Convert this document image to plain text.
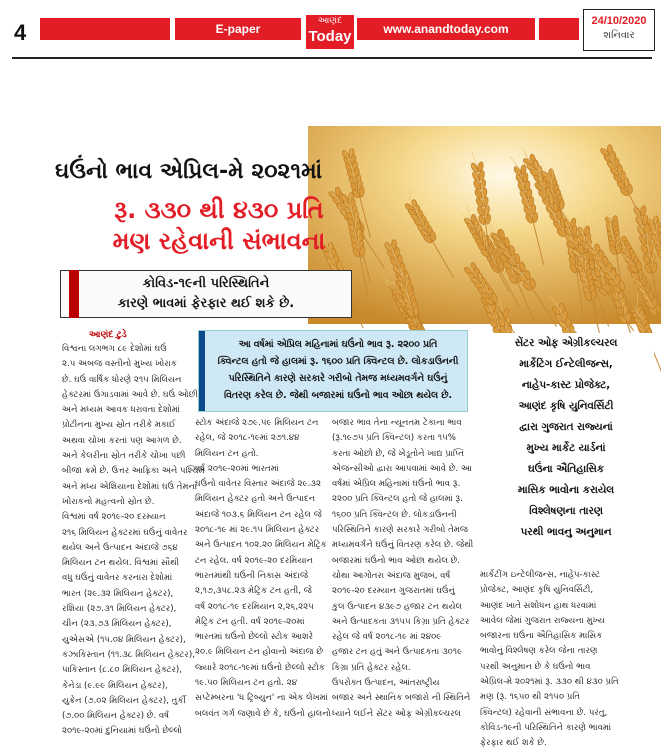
4	E-paper
આણંદ
Today	www.anandtoday.com
24/10/2020
શનિવાર
ઘઉંનો ભાવ એપ્રિલ-મે ૨૦૨૧માં
રૂ. ૩૩૦ થી ૪૩૦ પ્રતિ
મણ રહેવાની સંભાવના
કોવિડ-૧૯ની પરિસ્થિતિને
કારણે ભાવમાં ફેરફાર થઈ શકે છે.
આણંદ ટુડે
આ વર્ષમાં એપ્રિલ મહિનામાં ઘઉંનો ભાવ રૂ. ૨૨૦૦ પ્રતિ
ક્વિન્ટલ હતો જે હાલમાં રૂ. ૧૬૦૦ પ્રતિ ક્વિન્ટલ છે. લોકડાઉનની
પરિસ્થિતિને કારણે સરકારે ગરીબો તેમજ મધ્યમવર્ગને ઘઉંનું
વિતરણ કરેલ છે. જેથી બજારમાં ઘઉંનો ભાવ ઓછા થયેલ છે.
સેંટર ઓફ એગ્રીકલ્ચરલ
માર્કેટિંગ ઈન્ટેલીજન્સ,
નાહેપ-કાસ્ટ પ્રોજેક્ટ,
આણંદ કૃષિ યુનિવર્સિટી
દ્વારા ગુજરાત રાજ્યનાં
મુખ્ય માર્કેટ યાર્ડનાં
ઘઉંના ઐતિહાસિક
માસિક ભાવોના કરાયેલ
વિશ્લેષણના તારણ
પરથી ભાવનુ અનુમાન
વિશ્વના લગભગ ૮૯ દેશોમાં ઘઉં
૨.૫ અબજ વસ્તીનો મુખ્ય ખોરાક
છે. ઘઉં વાર્ષિક ધોરણે ૨૧૫ મિલિયન
હેક્ટરમાં ઉગાડવામાં આવે છે. ઘઉં ઓછી
અને મધ્યમ આવક ધરાવતા દેશોમાં
પ્રોટીનના મુખ્ય સ્રોત તરીકે મકાઈ
અથવા ચોખા કરતાં પણ આગળ છે.
અને કેલરીના સ્રોત તરીકે ચોખા પછી
બીજા ક્રમે છે. ઉત્તર આફ્રિકા અને પશ્ચિમ
અને મધ્ય એશિયાના દેશોમાં ઘઉં તેમના
ખોરાકનો મહત્વનો સ્રોત છે.
વિશ્વમાં વર્ષ ૨૦૧૯-૨૦ દરમ્યાન
૨૧૬ મિલિયન હેક્ટરમાં ઘઉંનું વાવેતર
થયેલ અને ઉત્પાદન અંદાજે ૭૬૪
મિલિયન ટન થયેલ. વિશ્વમાં સૌથી
વધુ ઘઉંનું વાવેતર કરનારા દેશોમાં
ભારત (૨૯.૩૨ મિલિયન હેક્ટર),
રશિયા (૨૭.૩૧ મિલિયન હેક્ટર),
ચીન (૨૩.૭૩ મિલિયન હેક્ટર),
યુએસએ (૧૫.૦૪ મિલિયન હેક્ટર),
કઝાકિસ્તાન (૧૧.૩૮ મિલિયન હેક્ટર),
પાકિસ્તાન (૮.૮૦ મિલિયન હેક્ટર),
કેનેડા (૯.૯૯ મિલિયન હેક્ટર),
યુક્રેન (૭.૦૨ મિલિયન હેક્ટર), તુર્કી
(૭.૦૦ મિલિયન હેક્ટર) છે. વર્ષ
૨૦૧૯-૨૦માં દુનિયામાં ઘઉંનો છેલ્લો
સ્ટોક અંદાજે ૨૭૯.૫૯ મિલિયન ટન
રહેલ, જે ૨૦૧૮-૧૯માં ૨૭૧.૪૪
મિલિયન ટન હતો.
વર્ષ ૨૦૧૯-૨૦માં ભારતમાં
ઘઉંનો વાવેતર વિસ્તાર અંદાજે ૨૯.૩૨
મિલિયન હેક્ટર હતો અને ઉત્પાદન
અંદાજે ૧૦૩.૬ મિલિયન ટન રહેલ જે
૨૦૧૮-૧૯ માં ૨૯.૧૫ મિલિયન હેક્ટર
અને ઉત્પાદન ૧૦૨.૨૦ મિલિયન મેટ્રિક
ટન રહેલ. વર્ષ ૨૦૧૯-૨૦ દરમિયાન
ભારતમાંથી ઘઉંની નિકાસ અંદાજે
૨,૧૭,૩૫૮.૨૩ મેટ્રિક ટન હતી, જે
વર્ષ ૨૦૧૮-૧૯ દરમિયાન ૨,૨૬,૨૨૫
મેટ્રિક ટન હતી. વર્ષ ૨૦૧૯-૨૦માં
ભારતમાં ઘઉંનો છેલ્લો સ્ટોક આશરે
૨૦.૯ મિલિયન ટન હોવાનો અંદાજ છે
જ્યારે ૨૦૧૮-૧૯માં ઘઉંનો છેલ્લો સ્ટોક
૧૯.૫૦ મિલિયન ટન હતો. ૨૪
સપ્ટેમ્બરના 'ધ ટ્રિબ્યુન' ના એક લેખમાં
બલવંત ગર્ગ જણાવે છે કે, ઘઉંનો હાલનો
બજાર ભાવ તેના ન્યૂનતમ ટેકાના ભાવ
(રૂ.૧૯૭૫ પ્રતિ ક્વિન્ટલ) કરતા ૧૫%
કરતા ઓછો છે, જે ખેડૂતોને ખાદ્ય પ્રાપ્તિ
એજન્સીઓ દ્વારા આપવામાં આવે છે. આ
વર્ષમાં એપ્રિલ મહિનામાં ઘઉંનો ભાવ રૂ.
૨૨૦૦ પ્રતિ ક્વિન્ટલ હતો જે હાલમાં રૂ.
૧૬૦૦ પ્રતિ ક્વિન્ટલ છે. લોકડાઉનની
પરિસ્થિતિને કારણે સરકારે ગરીબો તેમજ
મધ્યમવર્ગને ઘઉંનું વિતરણ કરેલ છે. જેથી
બજારમાં ઘઉંનો ભાવ ઓછા થયેલ છે.
ચોથા આગોતરા અંદાજ મુજબ, વર્ષ
૨૦૧૯-૨૦ દરમ્યાન ગુજરાતમાં ઘઉંનું
કુલ ઉત્પાદન ૪૩૯૭ હજાર ટન થયેલ
અને ઉત્પાદકતા ૩૧૫૫ કિગ્રા પ્રતિ હેક્ટર
રહેલ જે વર્ષ ૨૦૧૮-૧૯ માં ૨૪૦૯
હજાર ટન હતું અને ઉત્પાદકતા ૩૦૧૯
કિગ્રા પ્રતિ હેક્ટર રહેલ.
ઉપરોક્ત ઉત્પાદન, આંતરાષ્ટ્રીય
બજાર અને સ્થાનિક બજારો ની સ્થિતિને
ધ્યાને લઈને સેંટર ઓફ એગ્રીકલ્ચરલ
માર્કેટીંગ ઇન્ટેલીજન્સ, નાહેપ-કાસ્ટ
પ્રોજેક્ટ, આણંદ કૃષિ યુનિવર્સિટી,
આણંદ ખાતે સંશોધન હાથ ધરવામાં
આવેલ જેમાં ગુજરાત રાજ્યના મુખ્ય
બજારના ઘઉંના ઐતિહાસિક માસિક
ભાવોનું વિશ્લેષણ કરેલ જેના તારણ
પરથી અનુમાન છે કે ઘઉંનો ભાવ
એપ્રિલ-મે ૨૦૨૧માં રૂ. ૩૩૦ થી ૪૩૦ પ્રતિ
મણ (રૂ. ૧૬૫૦ થી ૨૧૫૦ પ્રતિ
ક્વિન્ટલ) રહેવાની સંભાવના છે. પરંતુ,
કોવિડ-૧૯ની પરિસ્થિતિને કારણે ભાવમાં
ફેરફાર થઈ શકે છે.
